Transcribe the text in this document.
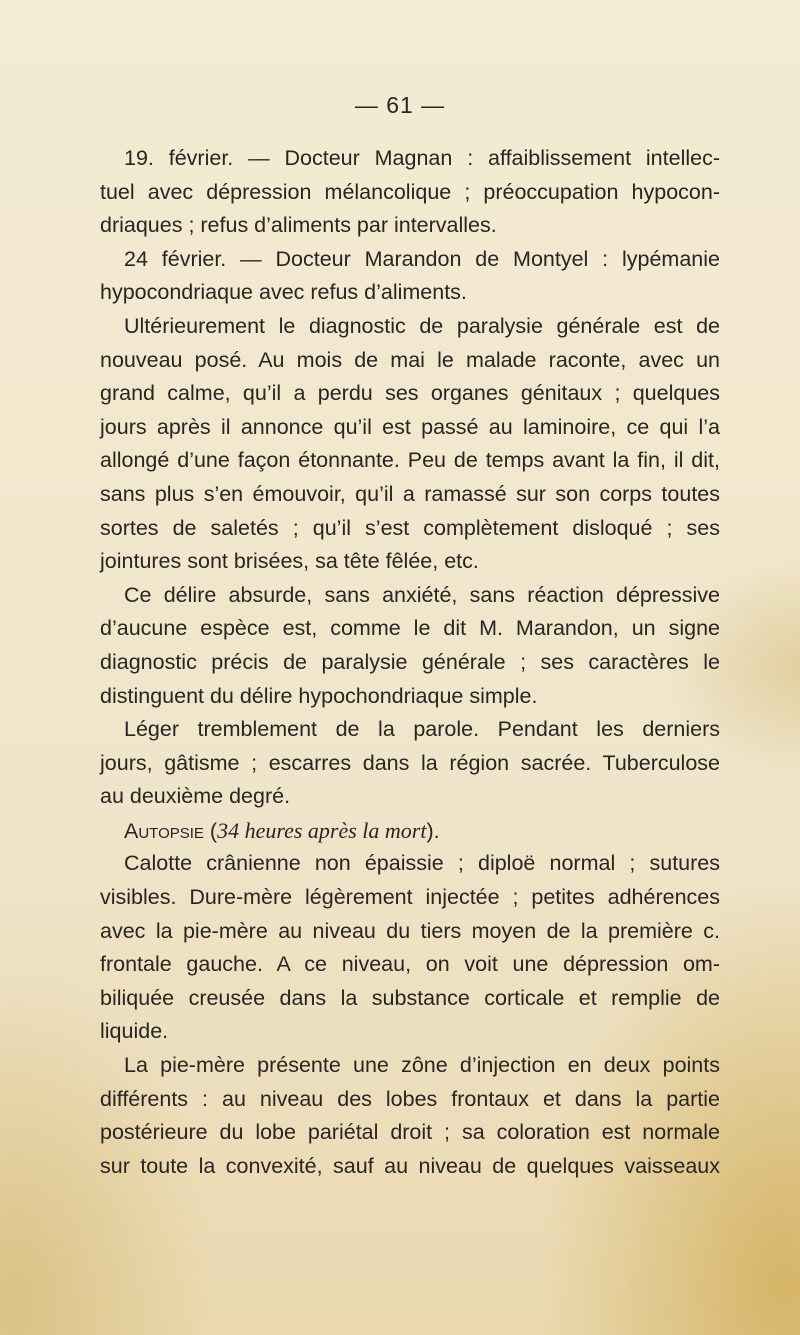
— 61 —
19. février. — Docteur Magnan : affaiblissement intellec-
tuel avec dépression mélancolique ; préoccupation hypocon-
driaques ; refus d’aliments par intervalles.
24 février. — Docteur Marandon de Montyel : lypémanie
hypocondriaque avec refus d’aliments.
Ultérieurement le diagnostic de paralysie générale est de
nouveau posé. Au mois de mai le malade raconte, avec un
grand calme, qu’il a perdu ses organes génitaux ; quelques
jours après il annonce qu’il est passé au laminoire, ce qui l’a
allongé d’une façon étonnante. Peu de temps avant la fin, il dit,
sans plus s’en émouvoir, qu’il a ramassé sur son corps toutes
sortes de saletés ; qu’il s’est complètement disloqué ; ses
jointures sont brisées, sa tête fêlée, etc.
Ce délire absurde, sans anxiété, sans réaction dépressive
d’aucune espèce est, comme le dit M. Marandon, un signe
diagnostic précis de paralysie générale ; ses caractères le
distinguent du délire hypochondriaque simple.
Léger tremblement de la parole. Pendant les derniers
jours, gâtisme ; escarres dans la région sacrée. Tuberculose
au deuxième degré.
Autopsie (34 heures après la mort).
Calotte crânienne non épaissie ; diploë normal ; sutures
visibles. Dure-mère légèrement injectée ; petites adhérences
avec la pie-mère au niveau du tiers moyen de la première c.
frontale gauche. A ce niveau, on voit une dépression om-
biliquée creusée dans la substance corticale et remplie de
liquide.
La pie-mère présente une zône d’injection en deux points
différents : au niveau des lobes frontaux et dans la partie
postérieure du lobe pariétal droit ; sa coloration est normale
sur toute la convexité, sauf au niveau de quelques vaisseaux
